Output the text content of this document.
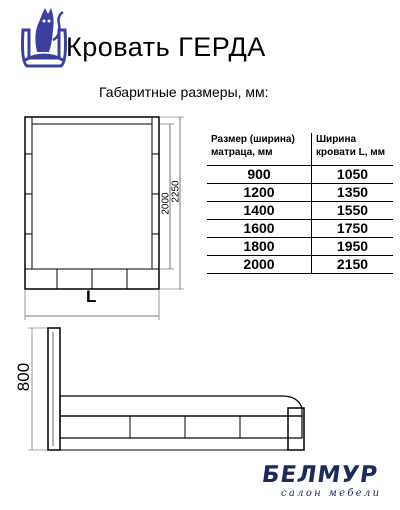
Кровать ГЕРДА
Габаритные размеры, мм:
2000
2250
L
Размер (ширина) матраца, мм	Ширина кровати L, мм
900	1050
1200	1350
1400	1550
1600	1750
1800	1950
2000	2150
800
БЕЛМУР
салон мебели
